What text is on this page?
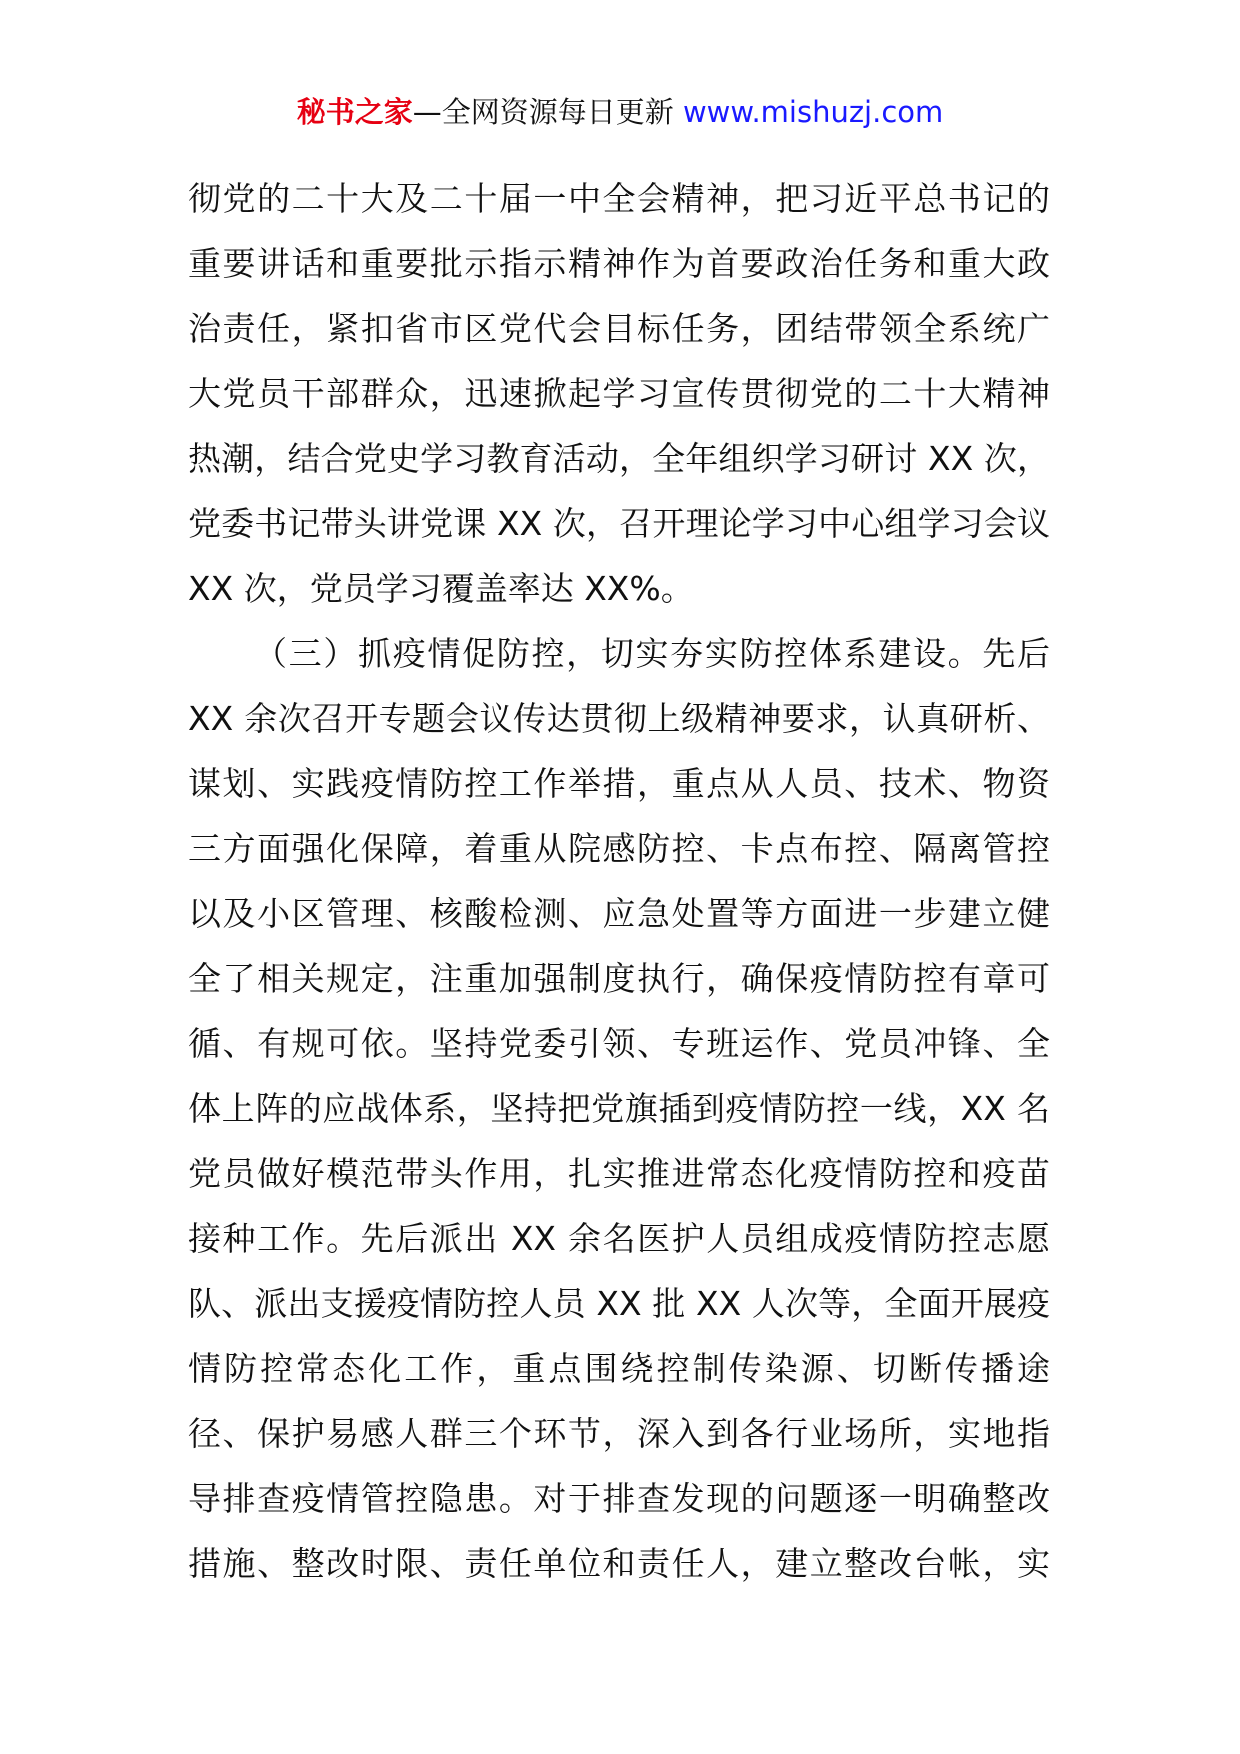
秘书之家—全网资源每日更新 www.mishuzj.com
彻党的二十大及二十届一中全会精神，把习近平总书记的
重要讲话和重要批示指示精神作为首要政治任务和重大政
治责任，紧扣省市区党代会目标任务，团结带领全系统广
大党员干部群众，迅速掀起学习宣传贯彻党的二十大精神
热潮，结合党史学习教育活动，全年组织学习研讨 XX 次，
党委书记带头讲党课 XX 次，召开理论学习中心组学习会议
XX 次，党员学习覆盖率达 XX%。
（三）抓疫情促防控，切实夯实防控体系建设。先后
XX 余次召开专题会议传达贯彻上级精神要求，认真研析、
谋划、实践疫情防控工作举措，重点从人员、技术、物资
三方面强化保障，着重从院感防控、卡点布控、隔离管控
以及小区管理、核酸检测、应急处置等方面进一步建立健
全了相关规定，注重加强制度执行，确保疫情防控有章可
循、有规可依。坚持党委引领、专班运作、党员冲锋、全
体上阵的应战体系，坚持把党旗插到疫情防控一线，XX 名
党员做好模范带头作用，扎实推进常态化疫情防控和疫苗
接种工作。先后派出 XX 余名医护人员组成疫情防控志愿
队、派出支援疫情防控人员 XX 批 XX 人次等，全面开展疫
情防控常态化工作，重点围绕控制传染源、切断传播途
径、保护易感人群三个环节，深入到各行业场所，实地指
导排查疫情管控隐患。对于排查发现的问题逐一明确整改
措施、整改时限、责任单位和责任人，建立整改台帐，实
